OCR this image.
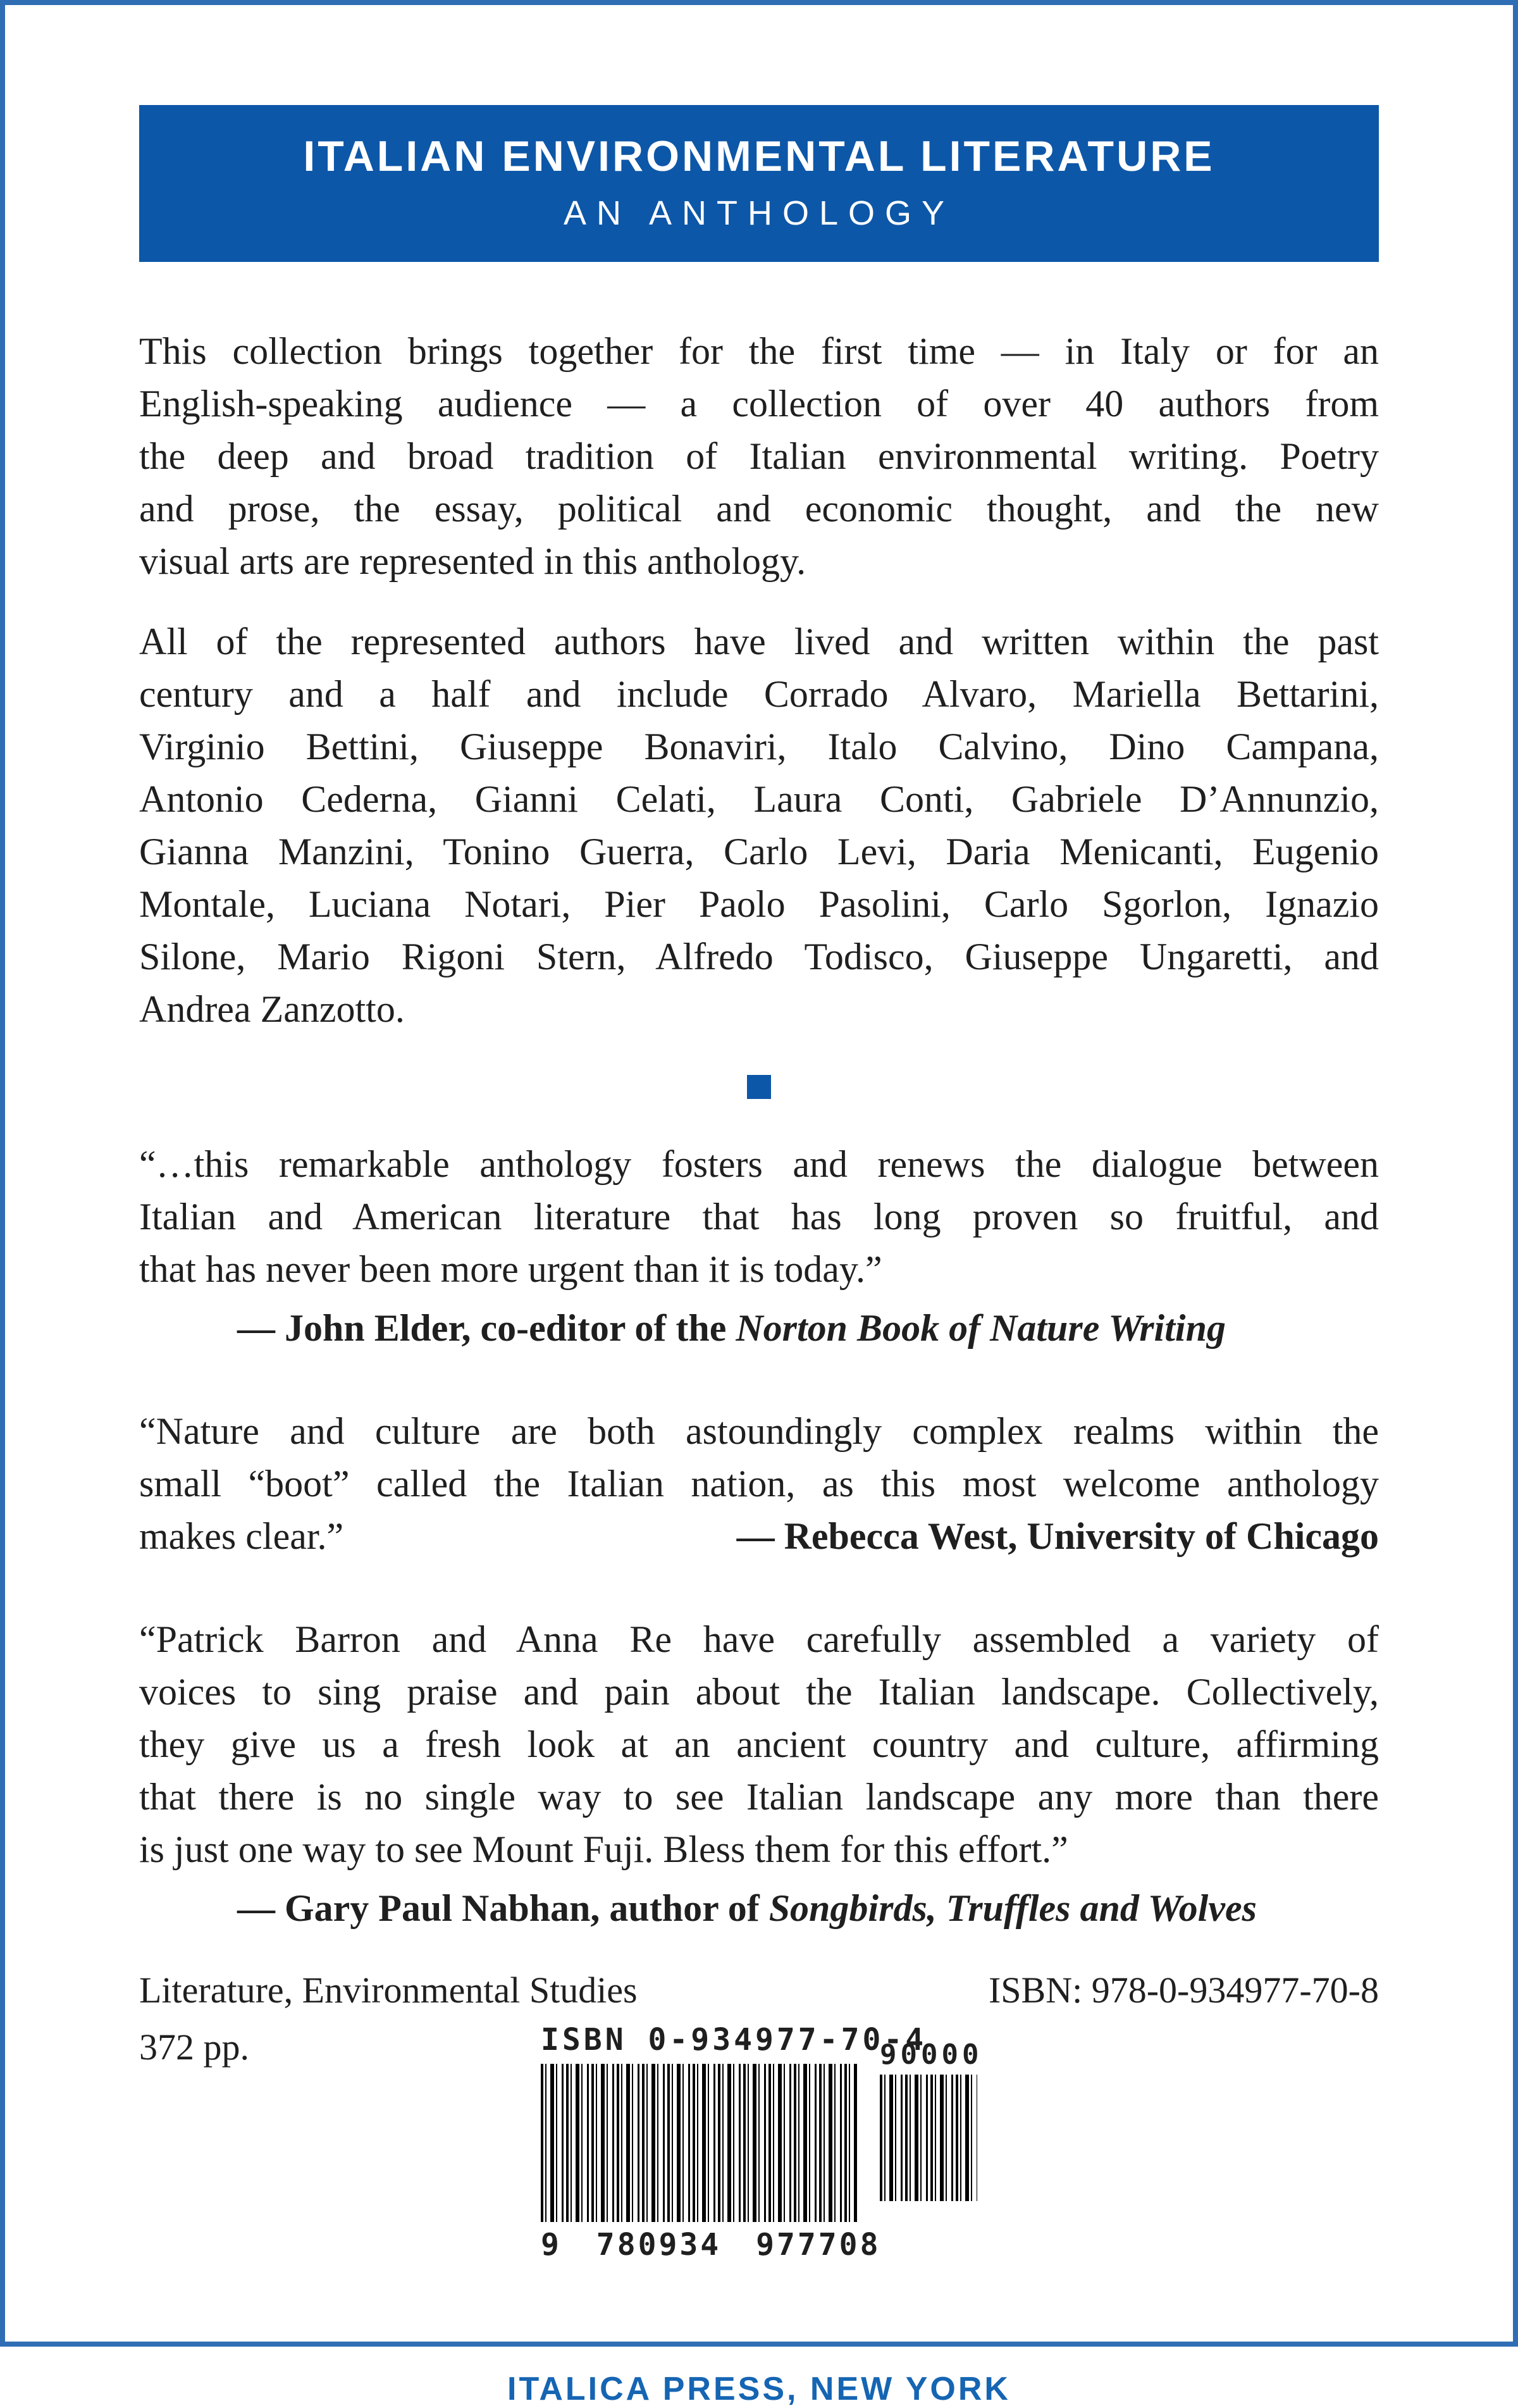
ITALIAN ENVIRONMENTAL LITERATURE
AN ANTHOLOGY
This collection brings together for the first time — in Italy or for an
English-speaking audience — a collection of over 40 authors from
the deep and broad tradition of Italian environmental writing. Poetry
and prose, the essay, political and economic thought, and the new
visual arts are represented in this anthology.
All of the represented authors have lived and written within the past
century and a half and include Corrado Alvaro, Mariella Bettarini,
Virginio Bettini, Giuseppe Bonaviri, Italo Calvino, Dino Campana,
Antonio Cederna, Gianni Celati, Laura Conti, Gabriele D’Annunzio,
Gianna Manzini, Tonino Guerra, Carlo Levi, Daria Menicanti, Eugenio
Montale, Luciana Notari, Pier Paolo Pasolini, Carlo Sgorlon, Ignazio
Silone, Mario Rigoni Stern, Alfredo Todisco, Giuseppe Ungaretti, and
Andrea Zanzotto.
“…this remarkable anthology fosters and renews the dialogue between
Italian and American literature that has long proven so fruitful, and
that has never been more urgent than it is today.”
— John Elder, co-editor of the Norton Book of Nature Writing
“Nature and culture are both astoundingly complex realms within the
small “boot” called the Italian nation, as this most welcome anthology
makes clear.”	— Rebecca West, University of Chicago
“Patrick Barron and Anna Re have carefully assembled a variety of
voices to sing praise and pain about the Italian landscape. Collectively,
they give us a fresh look at an ancient country and culture, affirming
that there is no single way to see Italian landscape any more than there
is just one way to see Mount Fuji. Bless them for this effort.”
— Gary Paul Nabhan, author of Songbirds, Truffles and Wolves
Literature, Environmental Studies	ISBN: 978-0-934977-70-8
372 pp.	ISBN 0-934977-70-4
9 780934 977708
90000
ITALICA PRESS, NEW YORK
